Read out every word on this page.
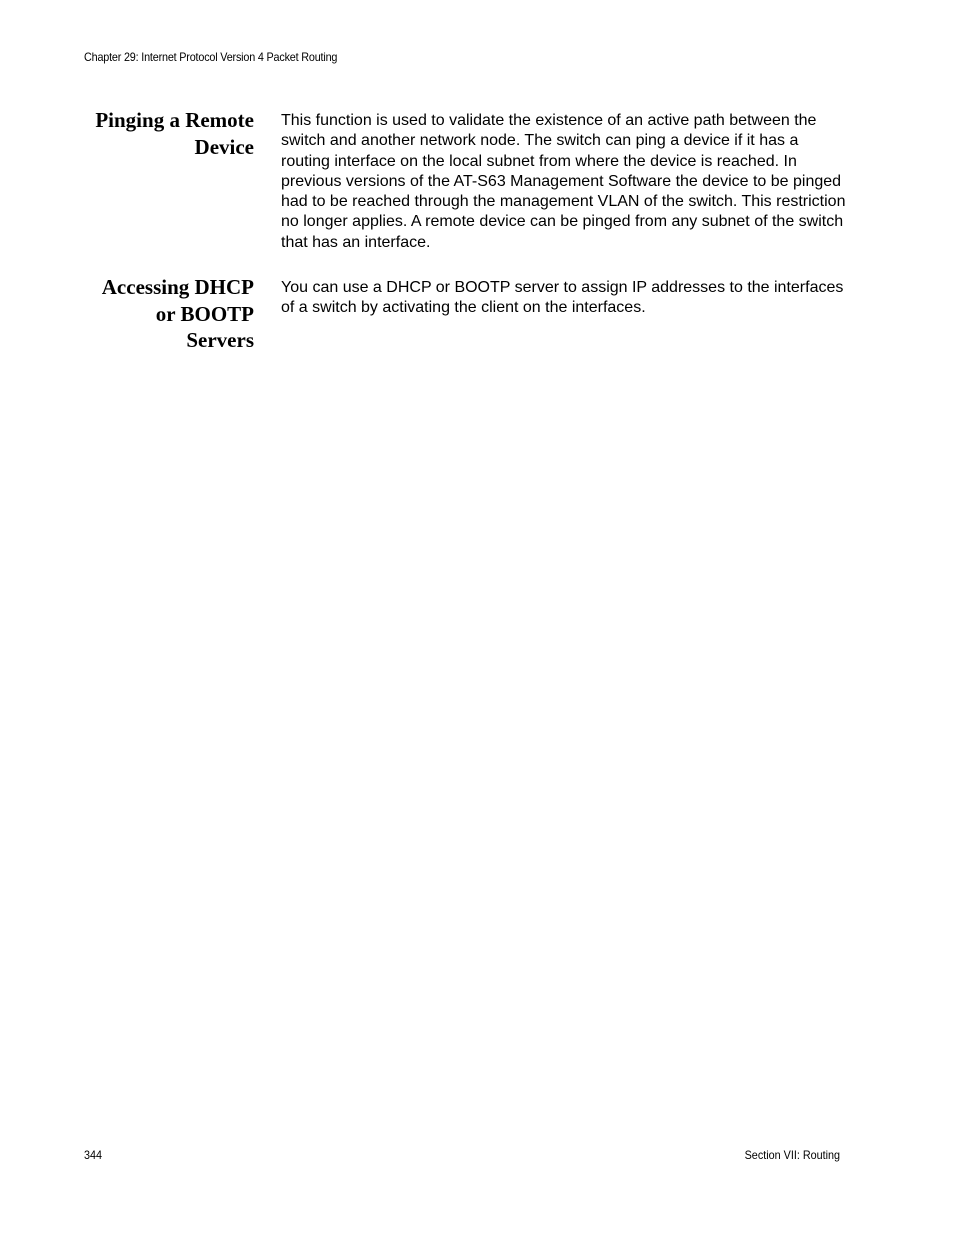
Chapter 29: Internet Protocol Version 4 Packet Routing
Pinging a Remote
Device

This function is used to validate the existence of an active path between the switch and another network node. The switch can ping a device if it has a routing interface on the local subnet from where the device is reached. In previous versions of the AT-S63 Management Software the device to be pinged had to be reached through the management VLAN of the switch. This restriction no longer applies. A remote device can be pinged from any subnet of the switch that has an interface.

Accessing DHCP
or BOOTP
Servers

You can use a DHCP or BOOTP server to assign IP addresses to the interfaces of a switch by activating the client on the interfaces.

344	Section VII: Routing
